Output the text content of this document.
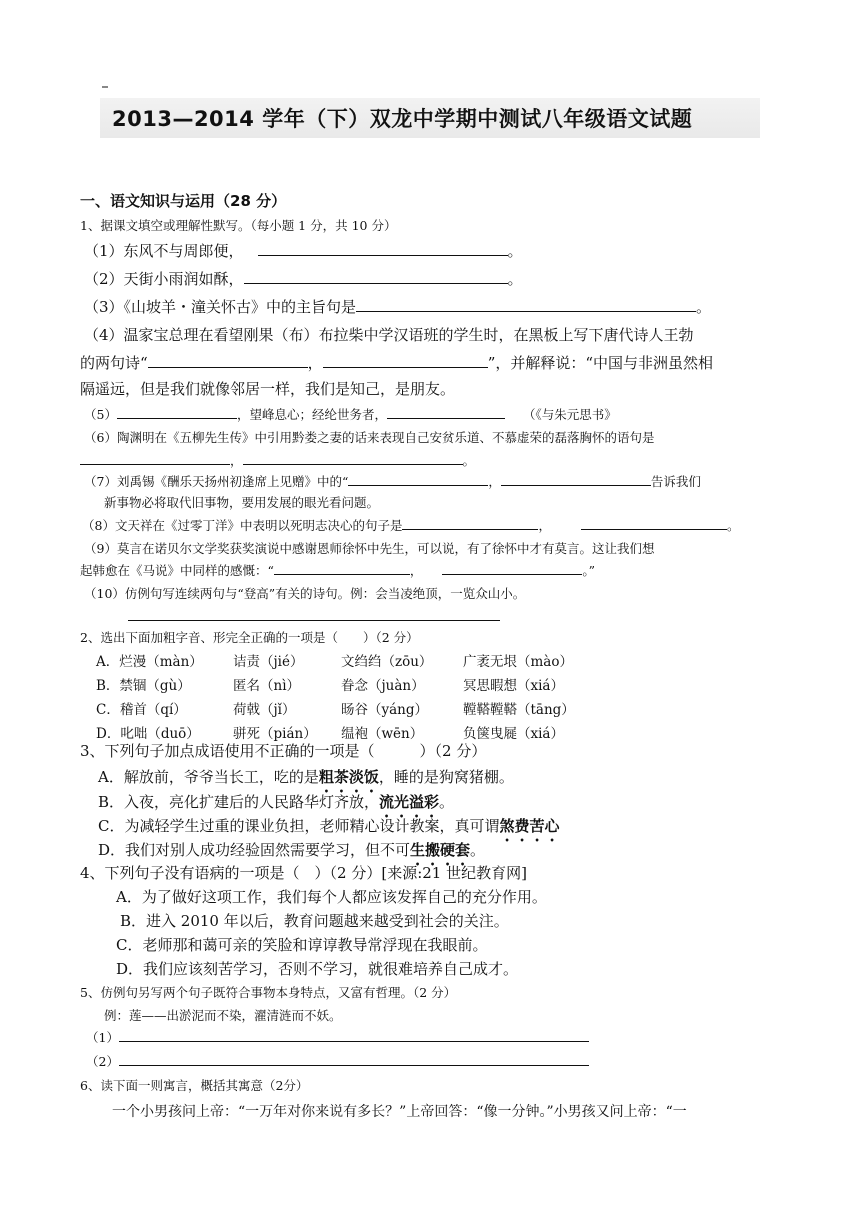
2013—2014 学年（下）双龙中学期中测试八年级语文试题
一、语文知识与运用（28 分）
1、据课文填空或理解性默写。（每小题 1 分，共 10 分）
（1）东风不与周郎便，	。
（2）天街小雨润如酥，	。
（3）《山坡羊・潼关怀古》中的主旨句是	。
（4）温家宝总理在看望刚果（布）布拉柴中学汉语班的学生时，在黑板上写下唐代诗人王勃
的两句诗“	，	”，并解释说：“中国与非洲虽然相
隔遥远，但是我们就像邻居一样，我们是知己，是朋友。
（5）	，望峰息心；经纶世务者，	（《与朱元思书》
（6）陶渊明在《五柳先生传》中引用黔娄之妻的话来表现自己安贫乐道、不慕虚荣的磊落胸怀的语句是
，	。
（7）刘禹锡《酬乐天扬州初逢席上见赠》中的“	，	告诉我们
新事物必将取代旧事物，要用发展的眼光看问题。
（8）文天祥在《过零丁洋》中表明以死明志决心的句子是	，	。
（9）莫言在诺贝尔文学奖获奖演说中感谢恩师徐怀中先生，可以说，有了徐怀中才有莫言。这让我们想
起韩愈在《马说》中同样的感慨：“	，	。”
（10）仿例句写连续两句与“登高”有关的诗句。例：会当凌绝顶，一览众山小。
2、选出下面加粗字音、形完全正确的一项是（　　）（2 分）
A．烂漫（màn）	诘责（jié）	文绉绉（zōu）	广袤无垠（mào）
B．禁锢（gù）	匿名（nì）	眷念（juàn）	冥思暇想（xiá）
C．稽首（qí）	荷戟（jǐ）	旸谷（yáng）	鞺鞳鞺鞳（tāng）
D．叱咄（duō）	骈死（pián）	缊袍（wēn）	负箧曳屣（xiá）
3、下列句子加点成语使用不正确的一项是（　　　）（2 分）
A．解放前，爷爷当长工，吃的是粗茶淡饭，睡的是狗窝猪棚。
B．入夜，亮化扩建后的人民路华灯齐放，流光溢彩。
C．为减轻学生过重的课业负担，老师精心设计教案，真可谓煞费苦心
D．我们对别人成功经验固然需要学习，但不可生搬硬套。
4、下列句子没有语病的一项是（　）（2 分）[来源:21 世纪教育网]
A．为了做好这项工作，我们每个人都应该发挥自己的充分作用。
B．进入 2010 年以后，教育问题越来越受到社会的关注。
C．老师那和蔼可亲的笑脸和谆谆教导常浮现在我眼前。
D．我们应该刻苦学习，否则不学习，就很难培养自己成才。
5、仿例句另写两个句子既符合事物本身特点，又富有哲理。（2 分）
例：莲——出淤泥而不染，濯清涟而不妖。
（1）
（2）
6、读下面一则寓言，概括其寓意（2分）
一个小男孩问上帝：“一万年对你来说有多长？”上帝回答：“像一分钟。”小男孩又问上帝：“一
